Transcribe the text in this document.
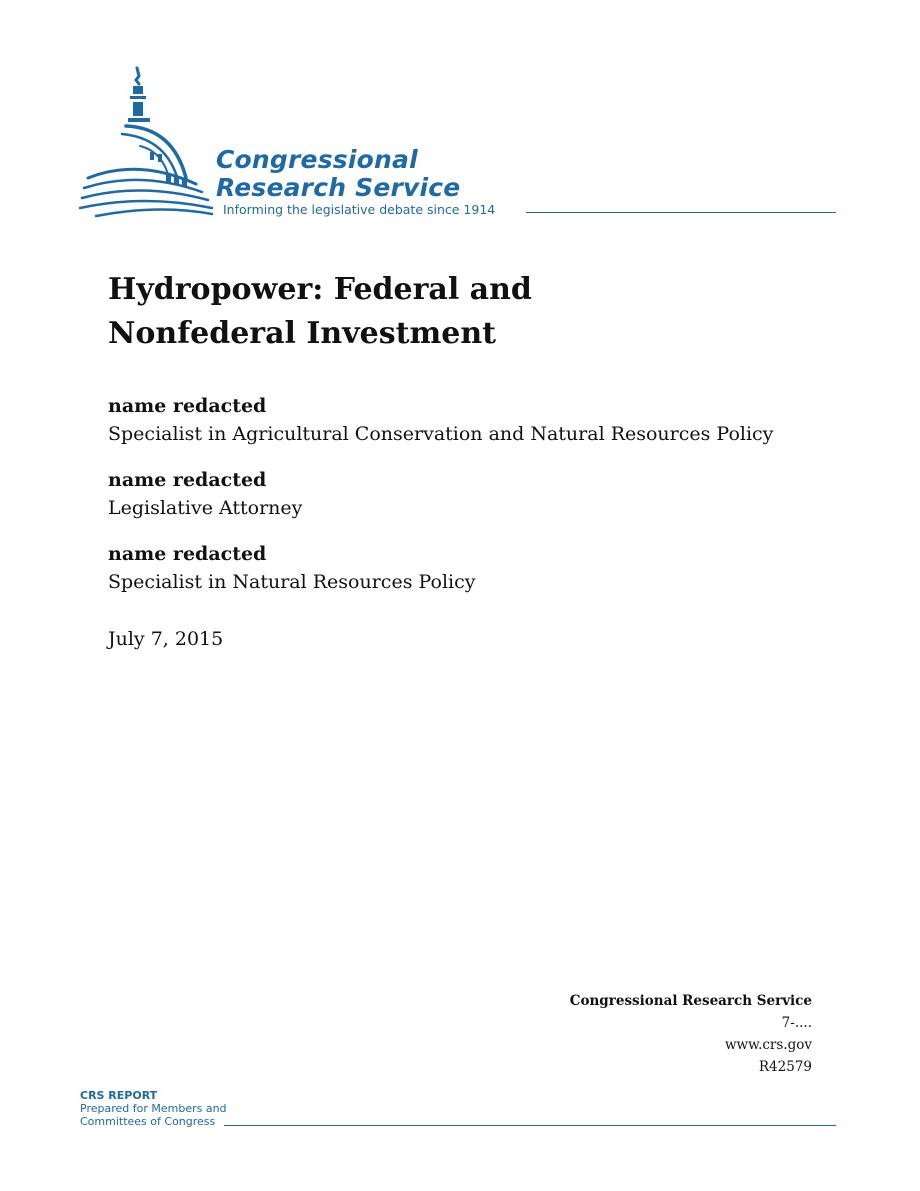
Congressional
Research Service
Informing the legislative debate since 1914
Hydropower: Federal and
Nonfederal Investment
name redacted
Specialist in Agricultural Conservation and Natural Resources Policy
name redacted
Legislative Attorney
name redacted
Specialist in Natural Resources Policy
July 7, 2015
Congressional Research Service
7-....
www.crs.gov
R42579
CRS REPORT
Prepared for Members and
Committees of Congress
